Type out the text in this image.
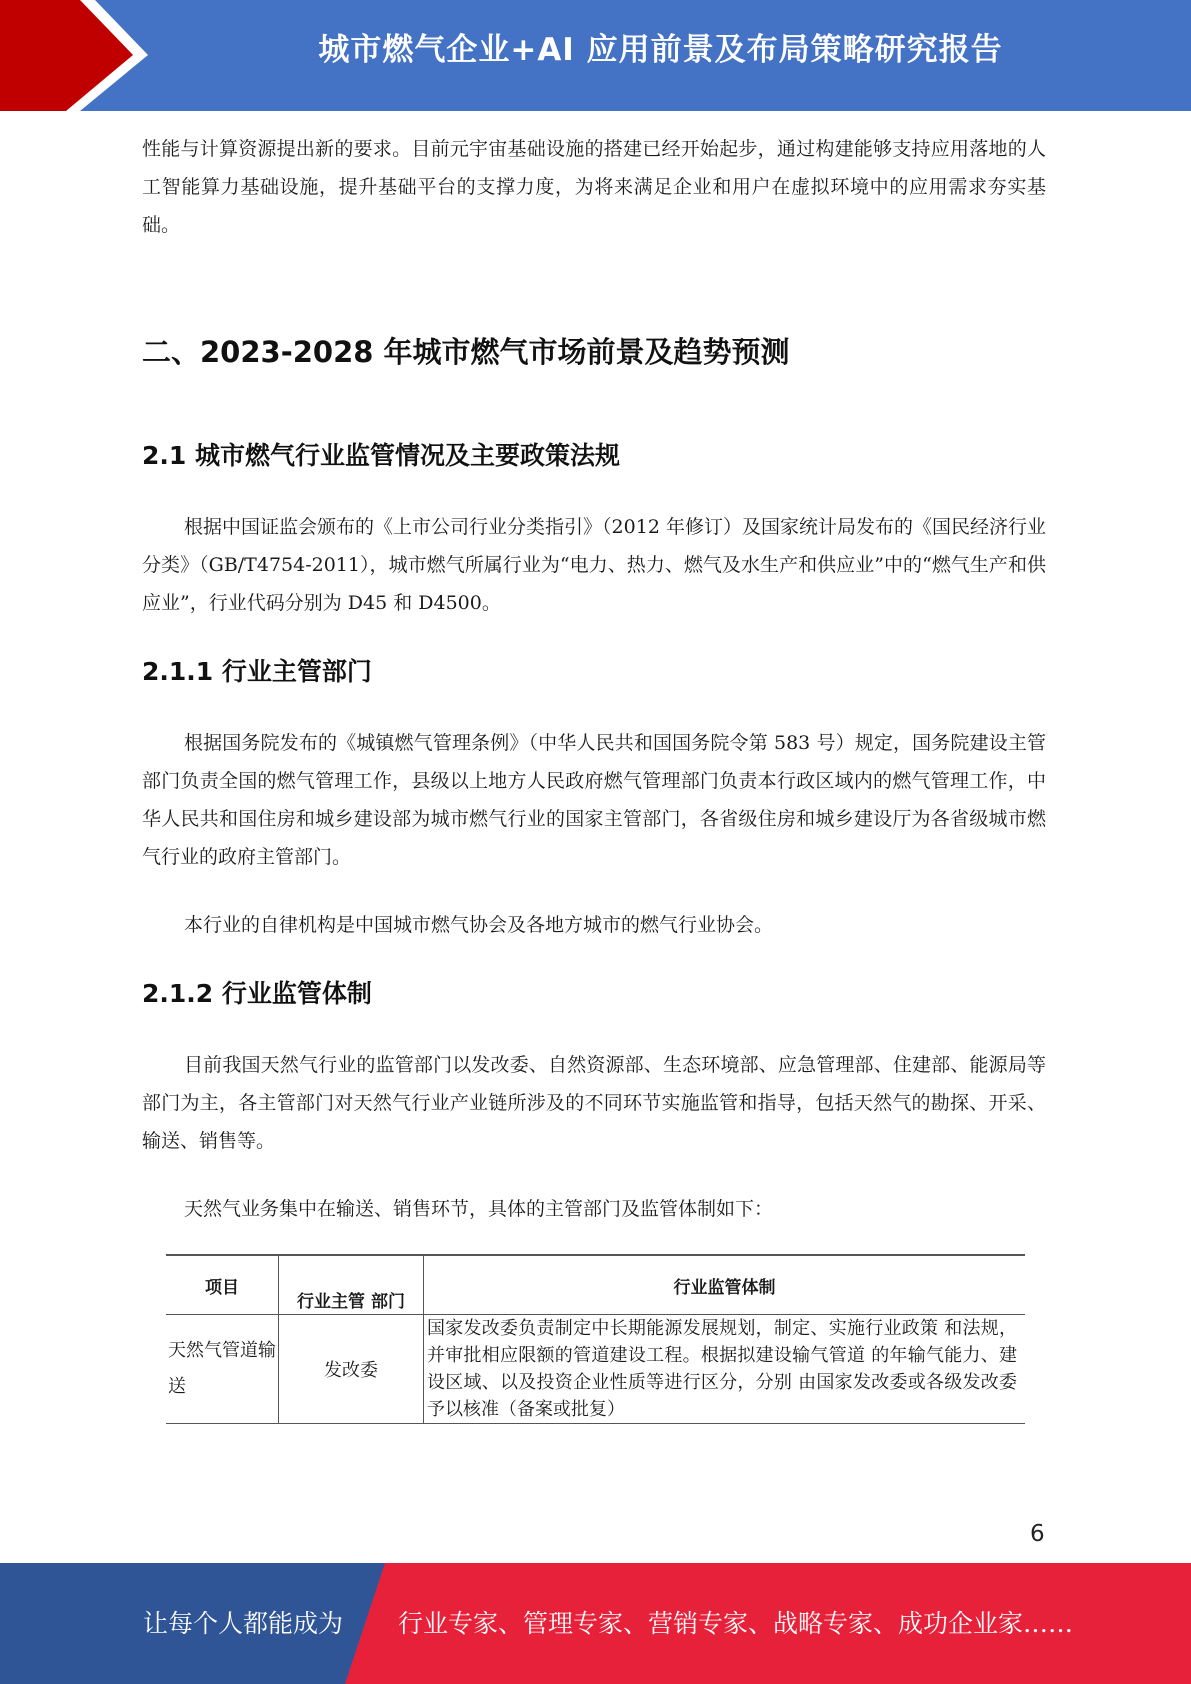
城市燃气企业+AI 应用前景及布局策略研究报告

性能与计算资源提出新的要求。目前元宇宙基础设施的搭建已经开始起步，通过构建能够支持应用落地的人工智能算力基础设施，提升基础平台的支撑力度，为将来满足企业和用户在虚拟环境中的应用需求夯实基础。

二、2023-2028 年城市燃气市场前景及趋势预测
2.1 城市燃气行业监管情况及主要政策法规

根据中国证监会颁布的《上市公司行业分类指引》（2012 年修订）及国家统计局发布的《国民经济行业分类》（GB/T4754-2011），城市燃气所属行业为“电力、热力、燃气及水生产和供应业”中的“燃气生产和供应业”，行业代码分别为 D45 和 D4500。

2.1.1 行业主管部门

根据国务院发布的《城镇燃气管理条例》（中华人民共和国国务院令第 583 号）规定，国务院建设主管部门负责全国的燃气管理工作，县级以上地方人民政府燃气管理部门负责本行政区域内的燃气管理工作，中华人民共和国住房和城乡建设部为城市燃气行业的国家主管部门，各省级住房和城乡建设厅为各省级城市燃气行业的政府主管部门。

本行业的自律机构是中国城市燃气协会及各地方城市的燃气行业协会。

2.1.2 行业监管体制

目前我国天然气行业的监管部门以发改委、自然资源部、生态环境部、应急管理部、住建部、能源局等部门为主，各主管部门对天然气行业产业链所涉及的不同环节实施监管和指导，包括天然气的勘探、开采、输送、销售等。

天然气业务集中在输送、销售环节，具体的主管部门及监管体制如下：

项目	行业主管 部门	行业监管体制
天然气管道输送	发改委	国家发改委负责制定中长期能源发展规划，制定、实施行业政策 和法规，并审批相应限额的管道建设工程。根据拟建设输气管道 的年输气能力、建设区域、以及投资企业性质等进行区分，分别 由国家发改委或各级发改委予以核准（备案或批复）
6
让每个人都能成为 行业专家、管理专家、营销专家、战略专家、成功企业家……
